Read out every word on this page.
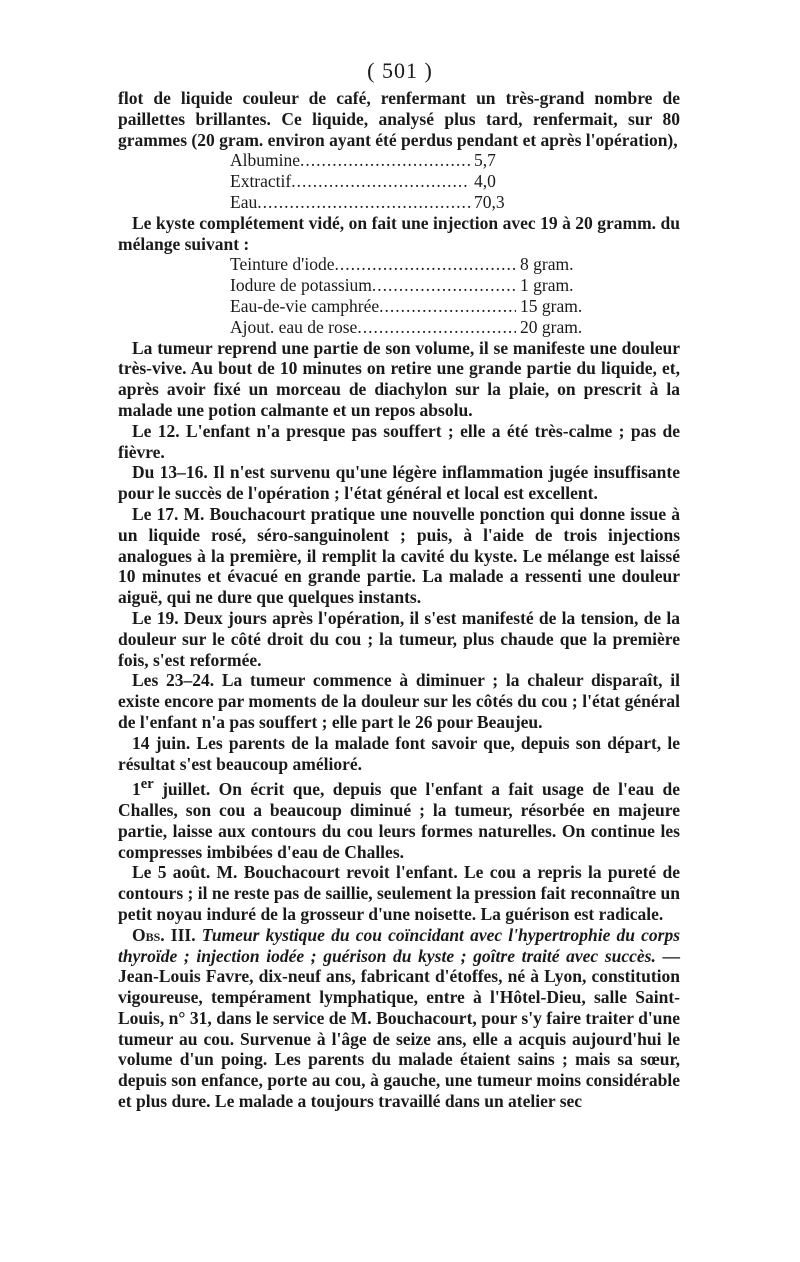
( 501 )

flot de liquide couleur de café, renfermant un très-grand nombre de paillettes brillantes. Ce liquide, analysé plus tard, renfermait, sur 80 grammes (20 gram. environ ayant été perdus pendant et après l'opération),

Albumine .....	5,7
Extractif .....	4,0
Eau .....	70,3

Le kyste complétement vidé, on fait une injection avec 19 à 20 gramm. du mélange suivant :

Teinture d'iode .....	8 gram.
Iodure de potassium .....	1 gram.
Eau-de-vie camphrée .....	15 gram.
Ajout. eau de rose .....	20 gram.

La tumeur reprend une partie de son volume, il se manifeste une douleur très-vive. Au bout de 10 minutes on retire une grande partie du liquide, et, après avoir fixé un morceau de diachylon sur la plaie, on prescrit à la malade une potion calmante et un repos absolu.

Le 12. L'enfant n'a presque pas souffert ; elle a été très-calme ; pas de fièvre.

Du 13–16. Il n'est survenu qu'une légère inflammation jugée insuffisante pour le succès de l'opération ; l'état général et local est excellent.

Le 17. M. Bouchacourt pratique une nouvelle ponction qui donne issue à un liquide rosé, séro-sanguinolent ; puis, à l'aide de trois injections analogues à la première, il remplit la cavité du kyste. Le mélange est laissé 10 minutes et évacué en grande partie. La malade a ressenti une douleur aiguë, qui ne dure que quelques instants.

Le 19. Deux jours après l'opération, il s'est manifesté de la tension, de la douleur sur le côté droit du cou ; la tumeur, plus chaude que la première fois, s'est reformée.

Les 23–24. La tumeur commence à diminuer ; la chaleur disparaît, il existe encore par moments de la douleur sur les côtés du cou ; l'état général de l'enfant n'a pas souffert ; elle part le 26 pour Beaujeu.

14 juin. Les parents de la malade font savoir que, depuis son départ, le résultat s'est beaucoup amélioré.

1er juillet. On écrit que, depuis que l'enfant a fait usage de l'eau de Challes, son cou a beaucoup diminué ; la tumeur, résorbée en majeure partie, laisse aux contours du cou leurs formes naturelles. On continue les compresses imbibées d'eau de Challes.

Le 5 août. M. Bouchacourt revoit l'enfant. Le cou a repris la pureté de contours ; il ne reste pas de saillie, seulement la pression fait reconnaître un petit noyau induré de la grosseur d'une noisette. La guérison est radicale.

Obs. III. Tumeur kystique du cou coïncidant avec l'hypertrophie du corps thyroïde ; injection iodée ; guérison du kyste ; goître traité avec succès. — Jean-Louis Favre, dix-neuf ans, fabricant d'étoffes, né à Lyon, constitution vigoureuse, tempérament lymphatique, entre à l'Hôtel-Dieu, salle Saint-Louis, n° 31, dans le service de M. Bouchacourt, pour s'y faire traiter d'une tumeur au cou. Survenue à l'âge de seize ans, elle a acquis aujourd'hui le volume d'un poing. Les parents du malade étaient sains ; mais sa sœur, depuis son enfance, porte au cou, à gauche, une tumeur moins considérable et plus dure. Le malade a toujours travaillé dans un atelier sec
